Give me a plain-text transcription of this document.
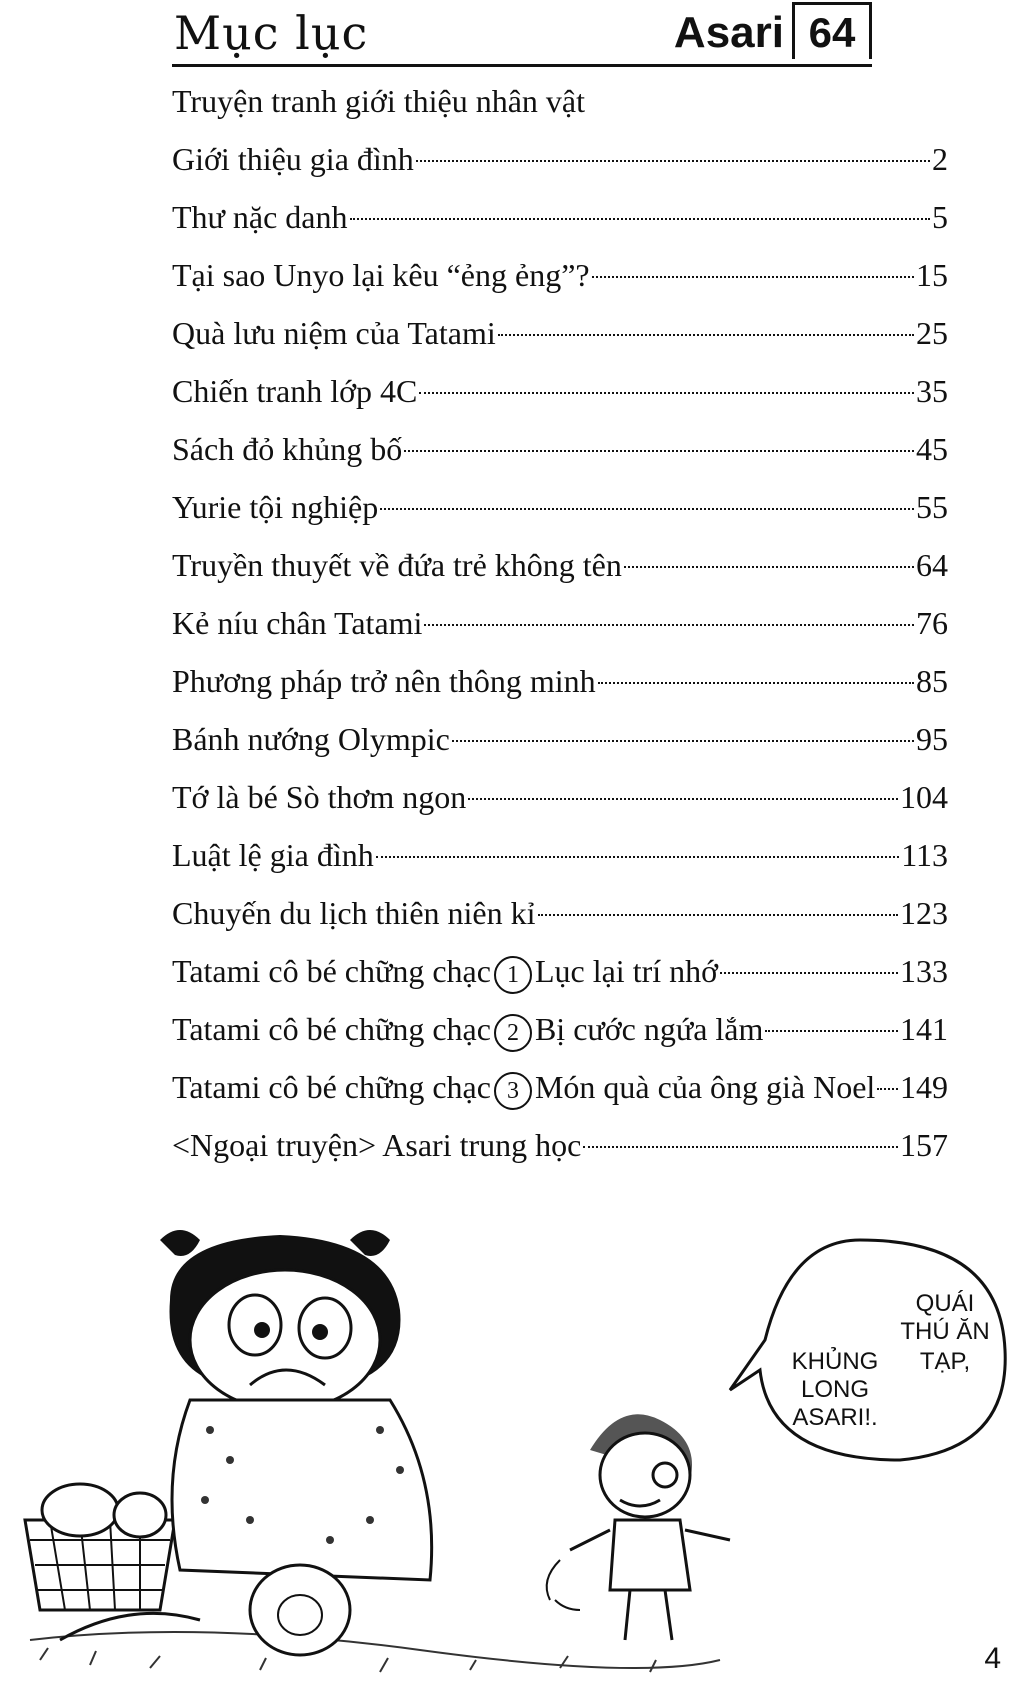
Mục lục	Asari 64
Truyện tranh giới thiệu nhân vật
Giới thiệu gia đình	2
Thư nặc danh	5
Tại sao Unyo lại kêu “ẻng ẻng”?	15
Quà lưu niệm của Tatami	25
Chiến tranh lớp 4C	35
Sách đỏ khủng bố	45
Yurie tội nghiệp	55
Truyền thuyết về đứa trẻ không tên	64
Kẻ níu chân Tatami	76
Phương pháp trở nên thông minh	85
Bánh nướng Olympic	95
Tớ là bé Sò thơm ngon	104
Luật lệ gia đình	113
Chuyến du lịch thiên niên kỉ	123
Tatami cô bé chững chạc 1 Lục lại trí nhớ	133
Tatami cô bé chững chạc 2 Bị cước ngứa lắm	141
Tatami cô bé chững chạc 3 Món quà của ông già Noel 149
<Ngoại truyện> Asari trung học	157
QUÁI
THÚ ĂN
TẠP,
KHỦNG
LONG
ASARI!.
4
